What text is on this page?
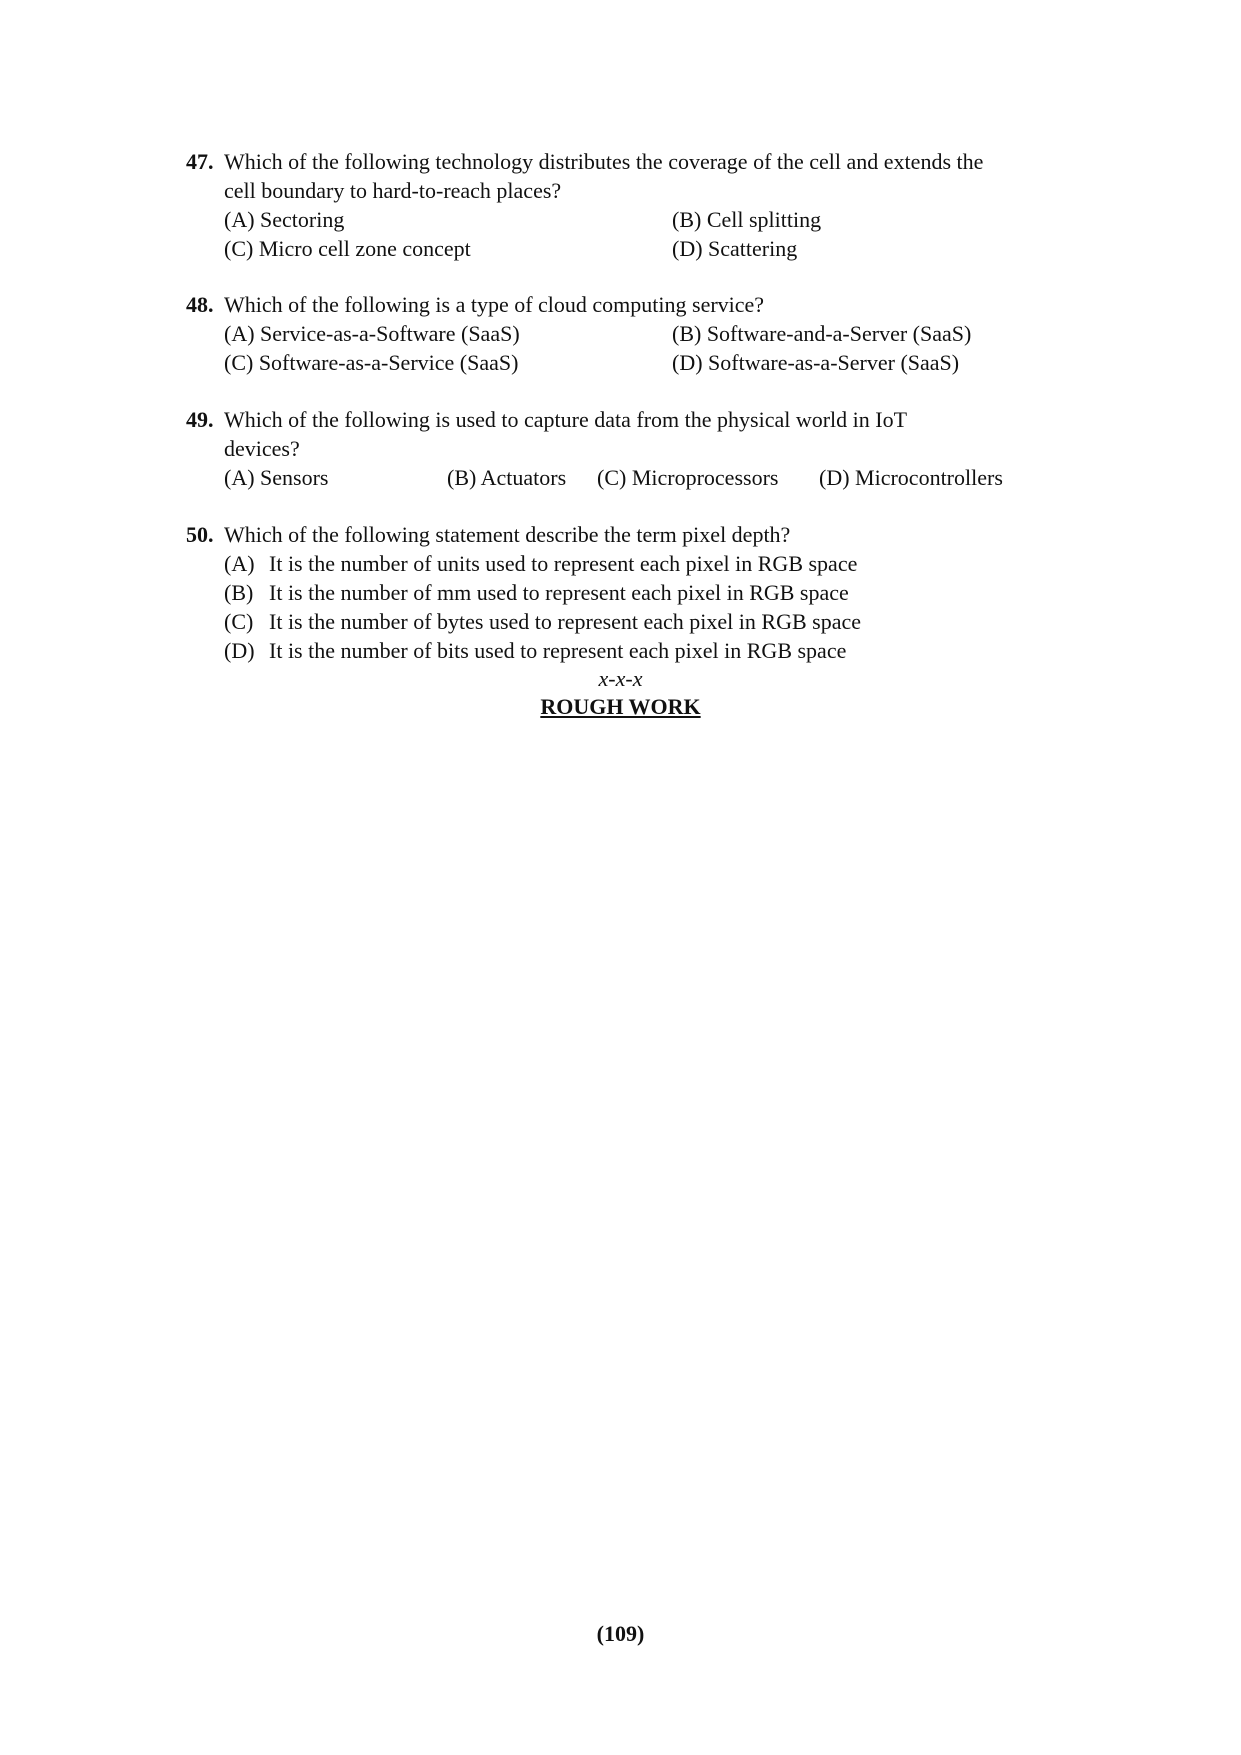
47. Which of the following technology distributes the coverage of the cell and extends the
cell boundary to hard-to-reach places?
(A) Sectoring	(B) Cell splitting
(C) Micro cell zone concept	(D) Scattering
48. Which of the following is a type of cloud computing service?
(A) Service-as-a-Software (SaaS)	(B) Software-and-a-Server (SaaS)
(C) Software-as-a-Service (SaaS)	(D) Software-as-a-Server (SaaS)
49. Which of the following is used to capture data from the physical world in IoT
devices?
(A) Sensors	(B) Actuators (C) Microprocessors (D) Microcontrollers
50. Which of the following statement describe the term pixel depth?
(A) It is the number of units used to represent each pixel in RGB space
(B) It is the number of mm used to represent each pixel in RGB space
(C) It is the number of bytes used to represent each pixel in RGB space
(D) It is the number of bits used to represent each pixel in RGB space
x-x-x
ROUGH WORK
(109)
